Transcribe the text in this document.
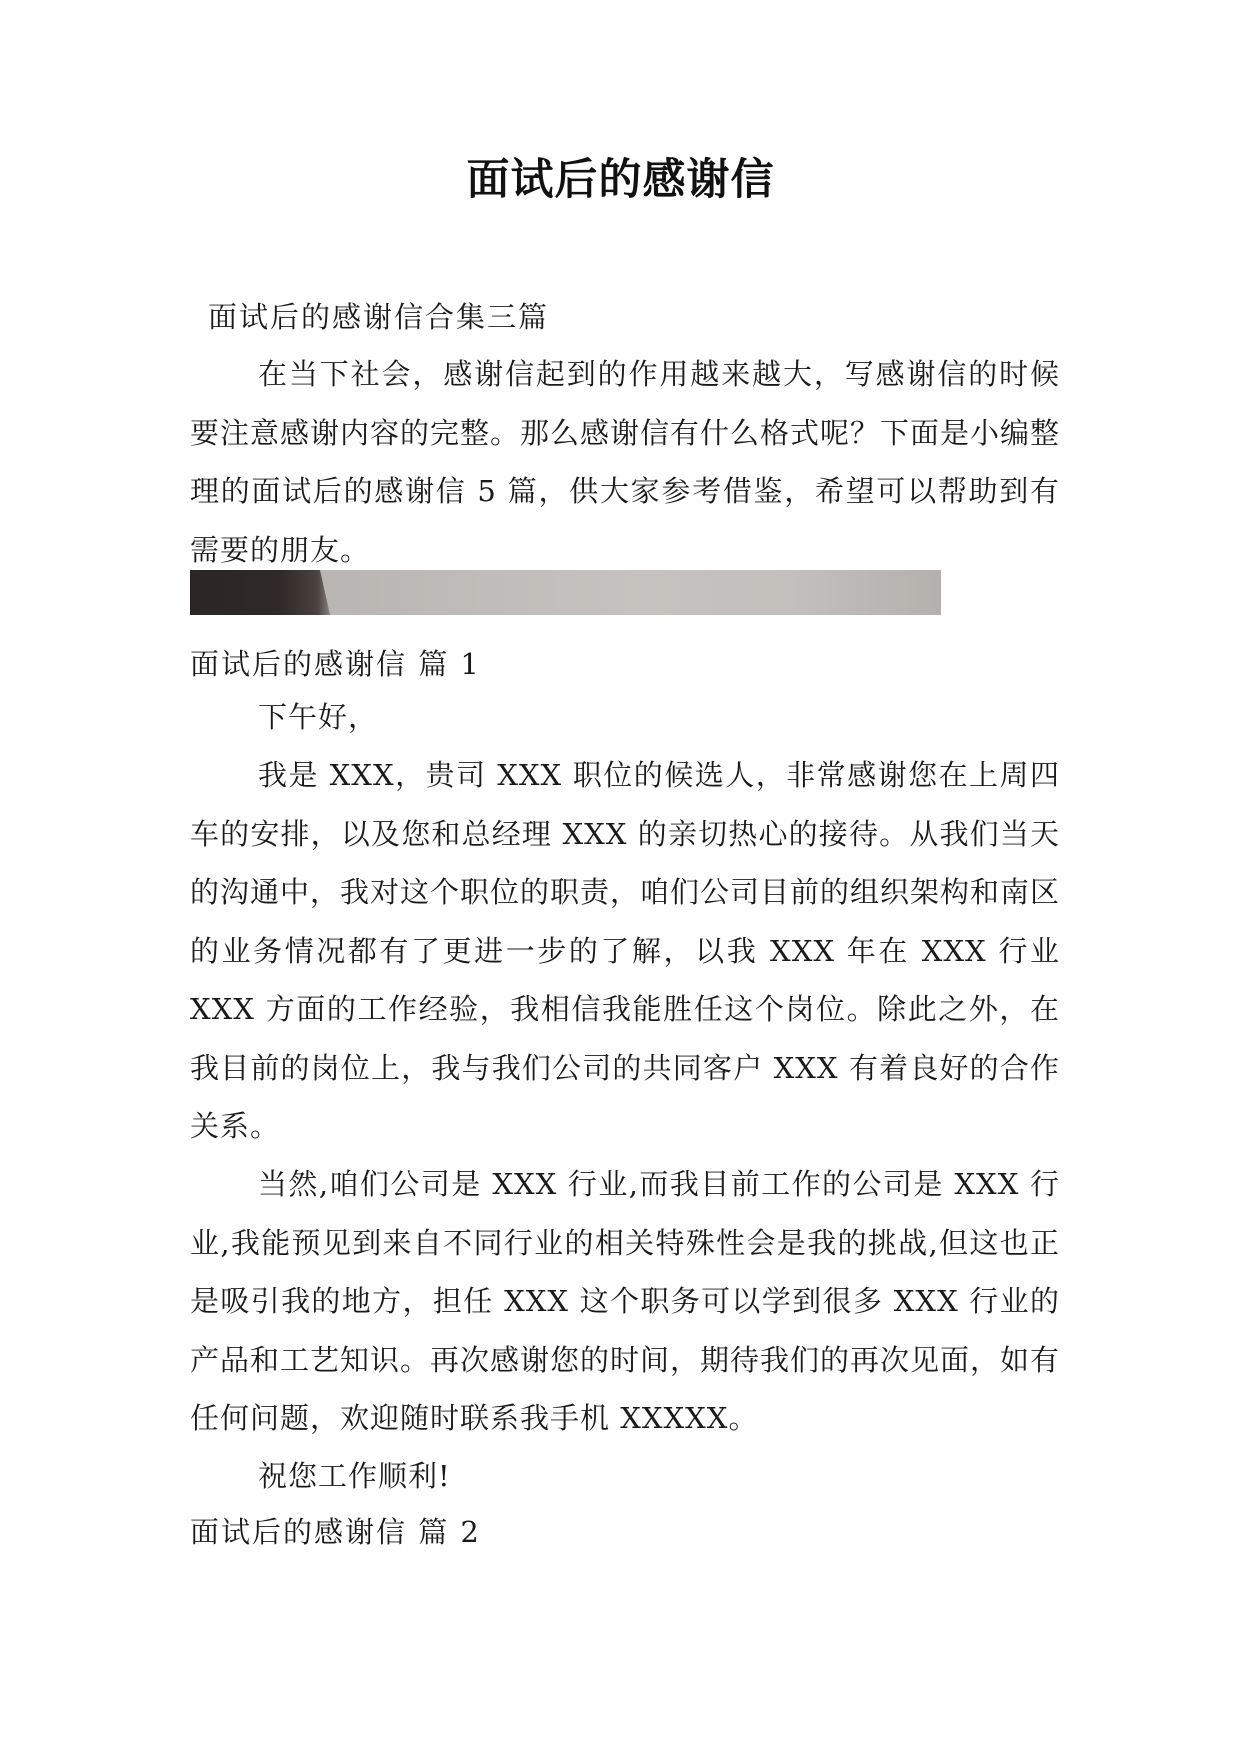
面试后的感谢信
面试后的感谢信合集三篇

在当下社会，感谢信起到的作用越来越大，写感谢信的时候要注意感谢内容的完整。那么感谢信有什么格式呢？下面是小编整理的面试后的感谢信 5 篇，供大家参考借鉴，希望可以帮助到有需要的朋友。

面试后的感谢信 篇 1

下午好，

我是 XXX，贵司 XXX 职位的候选人，非常感谢您在上周四车的安排，以及您和总经理 XXX 的亲切热心的接待。从我们当天的沟通中，我对这个职位的职责，咱们公司目前的组织架构和南区的业务情况都有了更进一步的了解，以我 XXX 年在 XXX 行业 XXX 方面的工作经验，我相信我能胜任这个岗位。除此之外，在我目前的岗位上，我与我们公司的共同客户 XXX 有着良好的合作关系。

当然,咱们公司是 XXX 行业,而我目前工作的公司是 XXX 行业,我能预见到来自不同行业的相关特殊性会是我的挑战,但这也正是吸引我的地方，担任 XXX 这个职务可以学到很多 XXX 行业的产品和工艺知识。再次感谢您的时间，期待我们的再次见面，如有任何问题，欢迎随时联系我手机 XXXXX。

祝您工作顺利!

面试后的感谢信 篇 2
